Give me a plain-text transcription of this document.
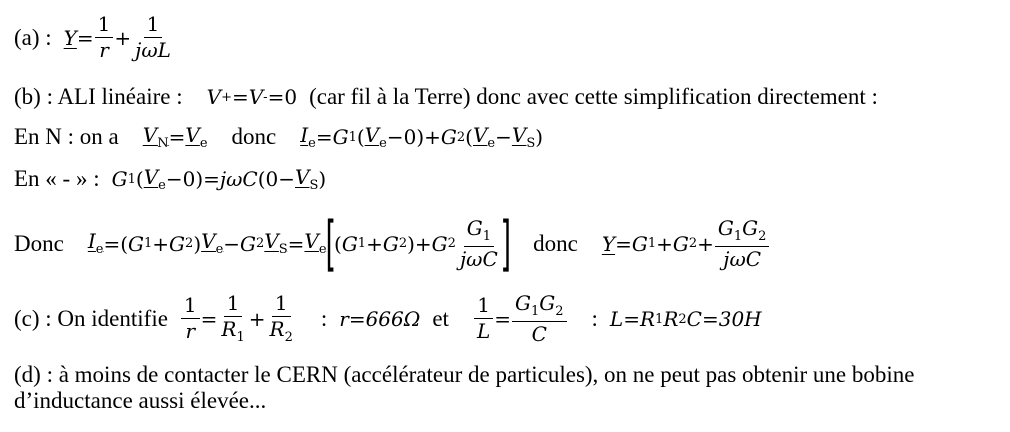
(a) : $Y = \frac{1}{r} + \frac{1}{\text{jωL}}$
(b) : ALI linéaire : V + =V - = 0 (car fil à la Terre) donc avec cette simplification directement :
En N : on a $V_N = V_e$ donc $I_e =G$ 1 ( $V_e - 0)+ G$ 2 ( $V_e - V_S$ )
En « - » : G 1 ( $V_e - 0)= j\omega C$ ($0- V_S$ )
Donc $I_e$ = ( G 1 + G 2 ) $V_e -G$ 2 $V_S = V_e$
[
( G 1 + G 2 )+ G $2 \frac{G_1}{\text{jωC}}$ ] donc Y =G 1 + G $2 + \frac{G_1G_2}{\text{jωC}}$
(c) : On identifie $\frac{1}{r} = \frac{1}{R_1} + \frac{1}{R_2}$ : r=666Ω et $\frac{1}{L} = \frac{G_1G_2}{C}$ : L=R 1 R 2 C=30H
(d) : à moins de contacter le CERN (accélérateur de particules), on ne peut pas obtenir une bobine d’inductance aussi élevée...
